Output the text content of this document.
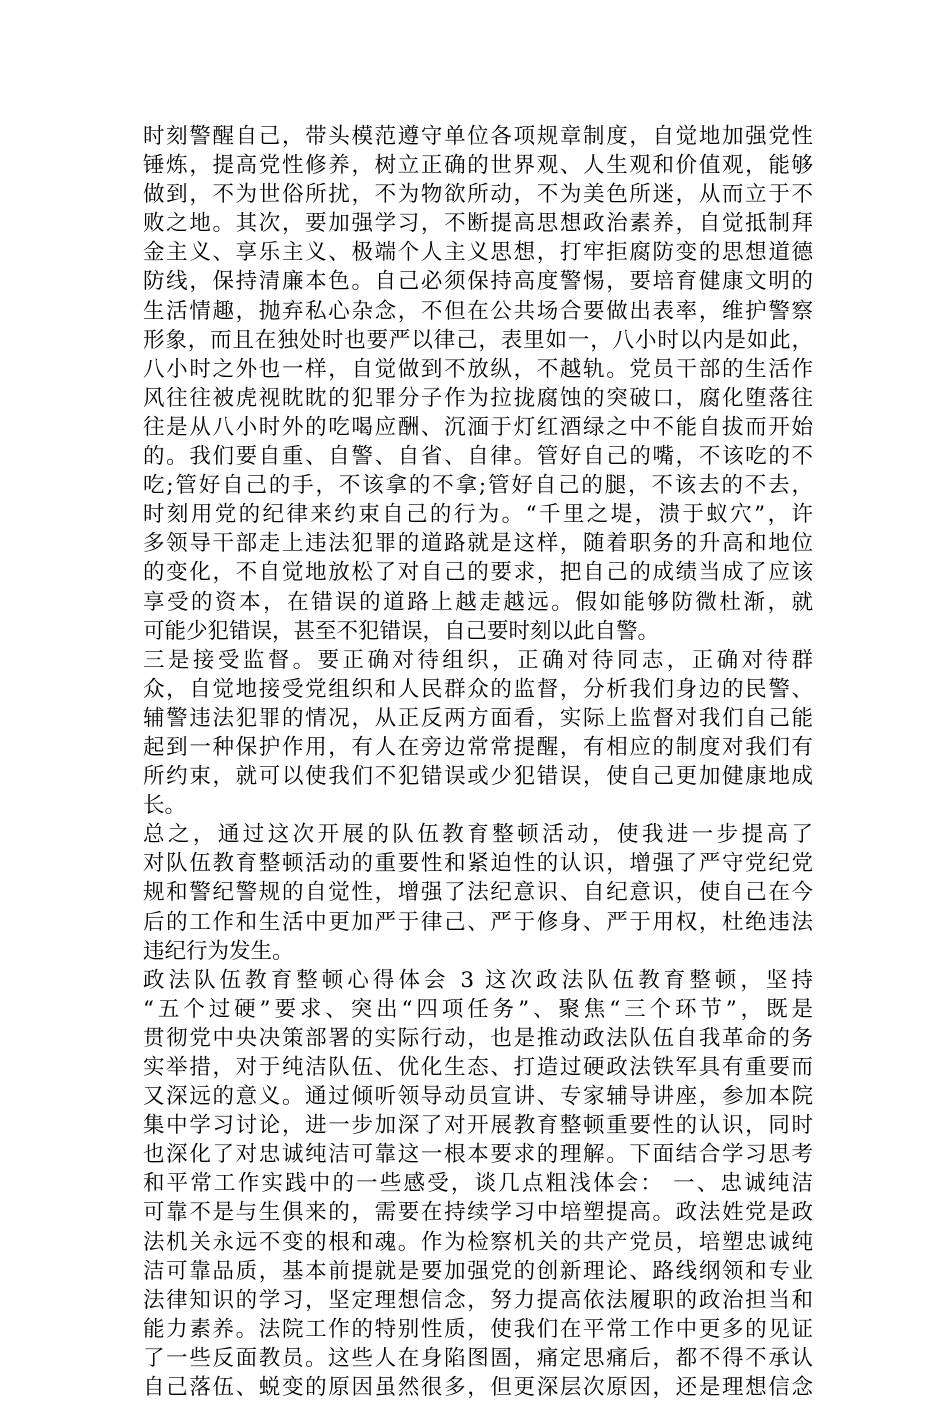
时刻警醒自己，带头模范遵守单位各项规章制度，自觉地加强党性
锤炼，提高党性修养，树立正确的世界观、人生观和价值观，能够
做到，不为世俗所扰，不为物欲所动，不为美色所迷，从而立于不
败之地。其次，要加强学习，不断提高思想政治素养，自觉抵制拜
金主义、享乐主义、极端个人主义思想，打牢拒腐防变的思想道德
防线，保持清廉本色。自己必须保持高度警惕，要培育健康文明的
生活情趣，抛弃私心杂念，不但在公共场合要做出表率，维护警察
形象，而且在独处时也要严以律己，表里如一，八小时以内是如此，
八小时之外也一样，自觉做到不放纵，不越轨。党员干部的生活作
风往往被虎视眈眈的犯罪分子作为拉拢腐蚀的突破口，腐化堕落往
往是从八小时外的吃喝应酬、沉湎于灯红酒绿之中不能自拔而开始
的。我们要自重、自警、自省、自律。管好自己的嘴，不该吃的不
吃;管好自己的手，不该拿的不拿;管好自己的腿，不该去的不去，
时刻用党的纪律来约束自己的行为。“千里之堤，溃于蚁穴”，许
多领导干部走上违法犯罪的道路就是这样，随着职务的升高和地位
的变化，不自觉地放松了对自己的要求，把自己的成绩当成了应该
享受的资本，在错误的道路上越走越远。假如能够防微杜渐，就
可能少犯错误，甚至不犯错误，自己要时刻以此自警。
三是接受监督。要正确对待组织，正确对待同志，正确对待群
众，自觉地接受党组织和人民群众的监督，分析我们身边的民警、
辅警违法犯罪的情况，从正反两方面看，实际上监督对我们自己能
起到一种保护作用，有人在旁边常常提醒，有相应的制度对我们有
所约束，就可以使我们不犯错误或少犯错误，使自己更加健康地成
长。
总之，通过这次开展的队伍教育整顿活动，使我进一步提高了
对队伍教育整顿活动的重要性和紧迫性的认识，增强了严守党纪党
规和警纪警规的自觉性，增强了法纪意识、自纪意识，使自己在今
后的工作和生活中更加严于律己、严于修身、严于用权，杜绝违法
违纪行为发生。
政法队伍教育整顿心得体会 3 这次政法队伍教育整顿，坚持
“五个过硬”要求、突出“四项任务”、聚焦“三个环节”，既是
贯彻党中央决策部署的实际行动，也是推动政法队伍自我革命的务
实举措，对于纯洁队伍、优化生态、打造过硬政法铁军具有重要而
又深远的意义。通过倾听领导动员宣讲、专家辅导讲座，参加本院
集中学习讨论，进一步加深了对开展教育整顿重要性的认识，同时
也深化了对忠诚纯洁可靠这一根本要求的理解。下面结合学习思考
和平常工作实践中的一些感受，谈几点粗浅体会： 一、忠诚纯洁
可靠不是与生俱来的，需要在持续学习中培塑提高。政法姓党是政
法机关永远不变的根和魂。作为检察机关的共产党员，培塑忠诚纯
洁可靠品质，基本前提就是要加强党的创新理论、路线纲领和专业
法律知识的学习，坚定理想信念，努力提高依法履职的政治担当和
能力素养。法院工作的特别性质，使我们在平常工作中更多的见证
了一些反面教员。这些人在身陷图圄，痛定思痛后，都不得不承认
自己落伍、蜕变的原因虽然很多，但更深层次原因，还是理想信念
